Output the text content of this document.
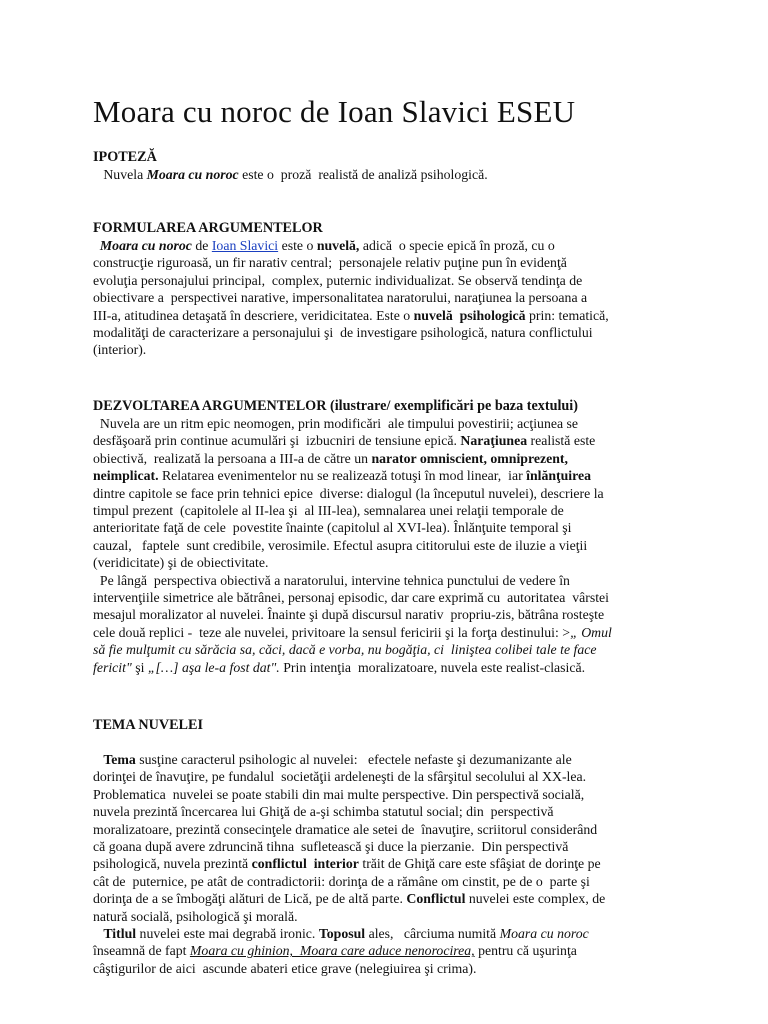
Moara cu noroc de Ioan Slavici ESEU
IPOTEZĂ
Nuvela Moara cu noroc este o  proză  realistă de analiză psihologică.
FORMULAREA ARGUMENTELOR
Moara cu noroc de Ioan Slavici este o nuvelă, adică  o specie epică în proză, cu o
construcţie riguroasă, un fir narativ central;  personajele relativ puţine pun în evidenţă
evoluţia personajului principal,  complex, puternic individualizat. Se observă tendinţa de
obiectivare a  perspectivei narative, impersonalitatea naratorului, naraţiunea la persoana a
III-a, atitudinea detaşată în descriere, veridicitatea. Este o nuvelă  psihologică prin: tematică,
modalităţi de caracterizare a personajului şi  de investigare psihologică, natura conflictului
(interior).
DEZVOLTAREA ARGUMENTELOR (ilustrare/ exemplificări pe baza textului)
Nuvela are un ritm epic neomogen, prin modificări  ale timpului povestirii; acţiunea se
desfăşoară prin continue acumulări şi  izbucniri de tensiune epică. Naraţiunea realistă este
obiectivă,  realizată la persoana a III-a de către un narator omniscient, omniprezent,
neimplicat. Relatarea evenimentelor nu se realizează totuşi în mod linear,  iar înlănţuirea
dintre capitole se face prin tehnici epice  diverse: dialogul (la începutul nuvelei), descriere la
timpul prezent  (capitolele al II-lea şi  al III-lea), semnalarea unei relaţii temporale de
anterioritate faţă de cele  povestite înainte (capitolul al XVI-lea). Înlănţuite temporal şi
cauzal,   faptele  sunt credibile, verosimile. Efectul asupra cititorului este de iluzie a vieţii
(veridicitate) şi de obiectivitate.
Pe lângă  perspectiva obiectivă a naratorului, intervine tehnica punctului de vedere în
intervenţiile simetrice ale bătrânei, personaj episodic, dar care exprimă cu  autoritatea  vârstei
mesajul moralizator al nuvelei. Înainte şi după discursul narativ  propriu-zis, bătrâna rosteşte
cele două replici -  teze ale nuvelei, privitoare la sensul fericirii şi la forţa destinului: >„ Omul
să fie mulţumit cu sărăcia sa, căci, dacă e vorba, nu bogăţia, ci  liniştea colibei tale te face
fericit" şi „[…] aşa le-a fost dat". Prin intenţia  moralizatoare, nuvela este realist-clasică.
TEMA NUVELEI
Tema susţine caracterul psihologic al nuvelei:   efectele nefaste şi dezumanizante ale
dorinţei de înavuţire, pe fundalul  societăţii ardeleneşti de la sfârşitul secolului al XX-lea.
Problematica  nuvelei se poate stabili din mai multe perspective. Din perspectivă socială,
nuvela prezintă încercarea lui Ghiţă de a-şi schimba statutul social; din  perspectivă
moralizatoare, prezintă consecinţele dramatice ale setei de  înavuţire, scriitorul considerând
că goana după avere zdruncină tihna  sufletească şi duce la pierzanie.  Din perspectivă
psihologică, nuvela prezintă conflictul  interior trăit de Ghiţă care este sfâşiat de dorinţe pe
cât de  puternice, pe atât de contradictorii: dorinţa de a rămâne om cinstit, pe de o  parte şi
dorinţa de a se îmbogăţi alături de Lică, pe de altă parte. Conflictul nuvelei este complex, de
natură socială, psihologică şi morală.
Titlul nuvelei este mai degrabă ironic. Toposul ales,   cârciuma numită Moara cu noroc
înseamnă de fapt Moara cu ghinion,  Moara care aduce nenorocirea, pentru că uşurinţa
câştigurilor de aici  ascunde abateri etice grave (nelegiuirea şi crima).
